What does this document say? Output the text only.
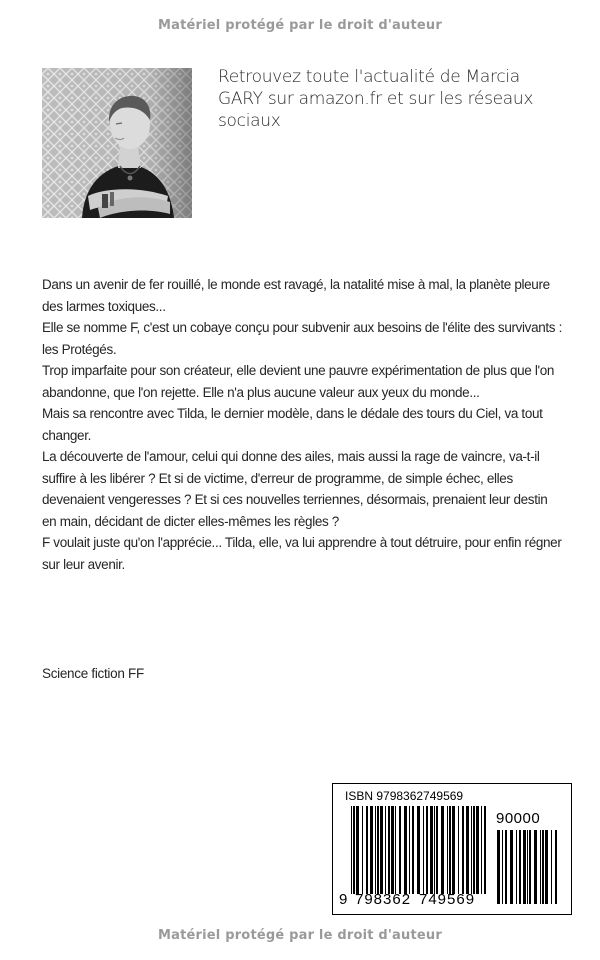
Matériel protégé par le droit d'auteur
Retrouvez toute l'actualité de Marcia GARY sur amazon.fr et sur les réseaux sociaux

Dans un avenir de fer rouillé, le monde est ravagé, la natalité mise à mal, la planète pleure des larmes toxiques...

Elle se nomme F, c'est un cobaye conçu pour subvenir aux besoins de l'élite des survivants : les Protégés.

Trop imparfaite pour son créateur, elle devient une pauvre expérimentation de plus que l'on abandonne, que l'on rejette. Elle n'a plus aucune valeur aux yeux du monde...

Mais sa rencontre avec Tilda, le dernier modèle, dans le dédale des tours du Ciel, va tout changer.

La découverte de l'amour, celui qui donne des ailes, mais aussi la rage de vaincre, va-t-il suffire à les libérer ? Et si de victime, d'erreur de programme, de simple échec, elles devenaient vengeresses ? Et si ces nouvelles terriennes, désormais, prenaient leur destin en main, décidant de dicter elles-mêmes les règles ?

F voulait juste qu'on l'apprécie... Tilda, elle, va lui apprendre à tout détruire, pour enfin régner sur leur avenir.

Science fiction FF
ISBN 9798362749569
90000
9 798362 749569
Matériel protégé par le droit d'auteur
